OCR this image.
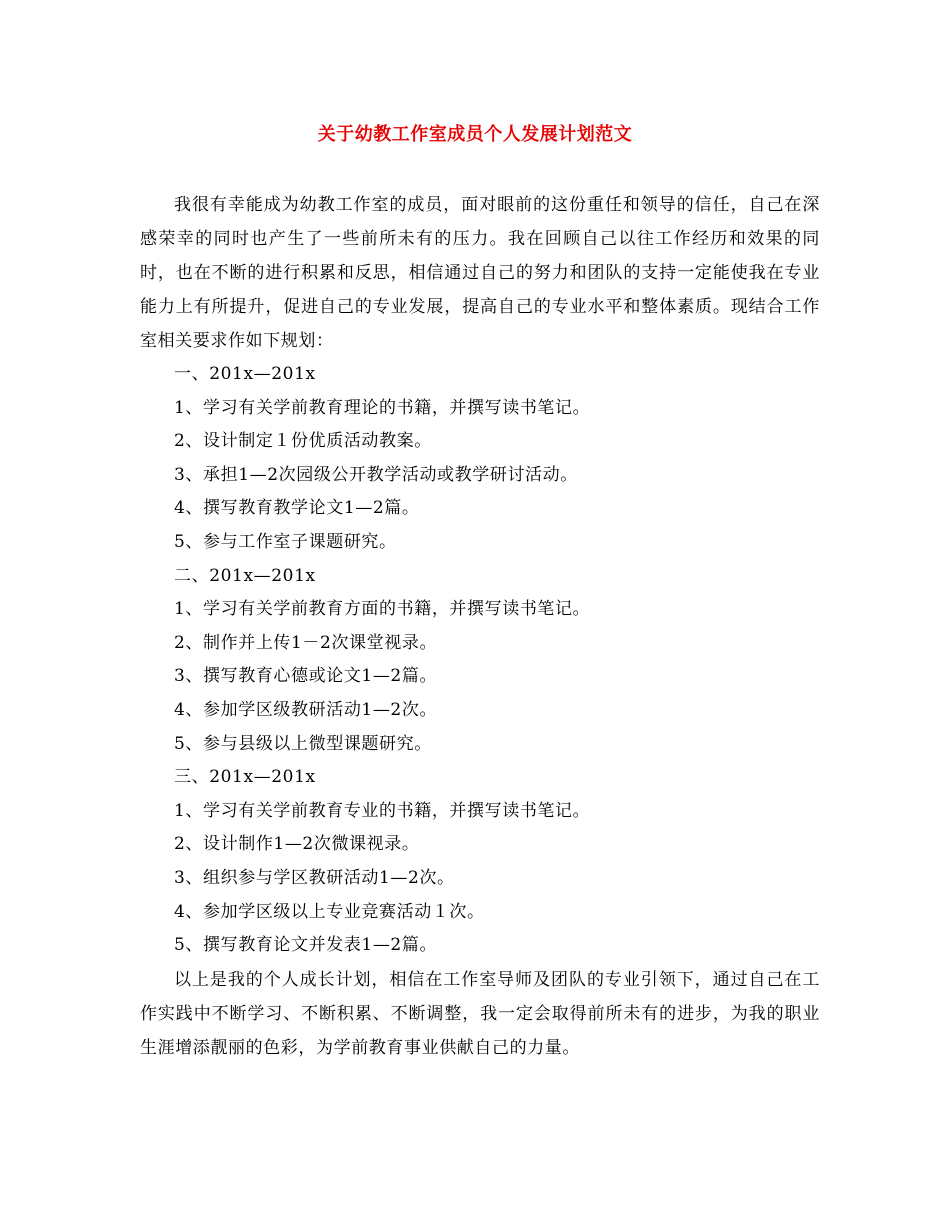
关于幼教工作室成员个人发展计划范文

我很有幸能成为幼教工作室的成员，面对眼前的这份重任和领导的信任，自己在深感荣幸的同时也产生了一些前所未有的压力。我在回顾自己以往工作经历和效果的同时，也在不断的进行积累和反思，相信通过自己的努力和团队的支持一定能使我在专业能力上有所提升，促进自己的专业发展，提高自己的专业水平和整体素质。现结合工作室相关要求作如下规划：

一、201x—201x

1、学习有关学前教育理论的书籍，并撰写读书笔记。

2、设计制定１份优质活动教案。

3、承担1—2次园级公开教学活动或教学研讨活动。

4、撰写教育教学论文1—2篇。

5、参与工作室子课题研究。

二、201x—201x

1、学习有关学前教育方面的书籍，并撰写读书笔记。

2、制作并上传1－2次课堂视录。

3、撰写教育心德或论文1—2篇。

4、参加学区级教研活动1—2次。

5、参与县级以上微型课题研究。

三、201x—201x

1、学习有关学前教育专业的书籍，并撰写读书笔记。

2、设计制作1—2次微课视录。

3、组织参与学区教研活动1—2次。

4、参加学区级以上专业竞赛活动１次。

5、撰写教育论文并发表1—2篇。

以上是我的个人成长计划，相信在工作室导师及团队的专业引领下，通过自己在工作实践中不断学习、不断积累、不断调整，我一定会取得前所未有的进步，为我的职业生涯增添靓丽的色彩，为学前教育事业供献自己的力量。
